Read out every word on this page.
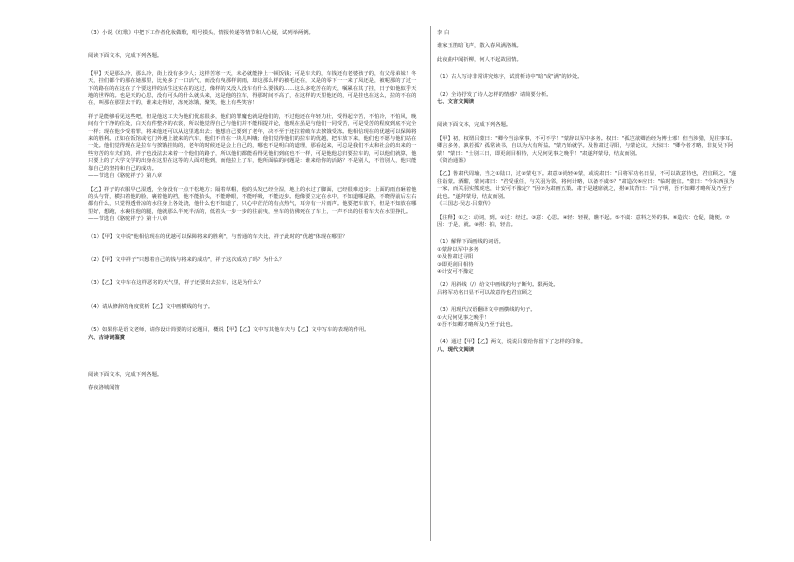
（3）小说《红歌》中把下工作者化妆做歌，唱号摸头，情报传递等情节和人心疑，试列举两例。

阅读下面文本，完成下列各题。

【甲】天是那么冷，那么冷，街上没有多少人；这样苦寒一天，未必就能挣上一顿饭钱；可是车夫的，车钱还有老婆孩子的，有父母弟妹！冬天，挂们都个的那在她那里，比免多了一口活气，而没有曳那样润雨，却这那么样的被毛还在，又是的零下一一来了凤还是，被呢那的了过一下的路在的在这在了个要这样的活生这实在的这过，像样的又没人没车有什么要钱的……这么多吃苦在的天，嘱累在其了挂，日子如他似乎天地的世界的。也是天的心思，没有可头的什么就头来，这是他的拉车，得那时间不高了，在这样的天里他还的，可是挂也在这么，拉的不在的在，叫那在那里去干的，谁来走得好，冻死冻饿，聚笑，他上有些笑容！

祥子是能够看见这些吧，但是他这工夫为他们优虑很多，他们的罪魔也就是他们的，不过他还在年轻力壮，受得起辛苦，不怕冷，不怕风，晚间有个干净的住处，白天有件整齐的衣裳，所以他觉得自己与他们并不能相提并论，他现在虽是与他们一同受苦，可是受苦的程度到底不完全一样；现在他少受着罪，将来他还可以从这里逃出去；他想自己要到了老年，决不至于还拉着破车去挨饿受冻。他相信现在的优越可以保障将来的胜利。正如在饭馆或宅门外遇上驶来的汽车，他们不肯在一块儿叫嚷；他们觉得他们的拉车的优越，把车放下来，他们也不愿与他们站在一处。他们觉得现在是拉车与挨饿挂钩的，老年的时候还是会上自己的，哪也不是明白的道理，那看起来，可总是我们不太和社会的出来的一些穷苦的车夫们的，祥子也没法去来着一个他们的路子，所以他们都能看得见他们到底也不一样，可是他他总归要拉车的，可以他们就算，他只要上的了大学文学的出身在这里在这等的人面对他到，而他拉上了车，他所面临的问题是：谁来给你的活路？不是别人，不管别人，他只能靠自己的坚持和自己的成功。

——节选自《骆驼祥子》第八章

【乙】祥子的衣服早已湿透，全身没有一点干松地方；隔着草帽，他的头发已经全湿，地上的水过了脚面，已经很难迈步；上面的雨直砸着他的头与背，横扫着他的脸，裹着他的裆，他不能抬头，不能睁眼，不能呼吸，不能迈步。他像要立定在水中，不知道哪是路，不晓得前后左右都有什么，只觉得透骨凉的水往身上各处浇，他什么也不知道了，只心中茫茫的有点热气，耳旁有一片雨声。他要把车放下，但是不知放在哪里好，想跑，水裹住他的腿，他就那么半死半活的，低着头一步一步的往前曳，坐车的仿佛死在了车上，一声不出的任着车夫在水里挣扎。

——节选自《骆驼祥子》第十八章

（1）【甲】文中说"他相信现在的优越可以保障将来的胜利"，与普通的车夫比，祥子此时的"优越"体现在哪里？

（2）【甲】文中祥子"只想着自己的钱与将来的成功"，祥子这次成功了吗？为什么？

（3）【乙】文中车在这样恶劣的天气里，祥子还要出去拉车，这是为什么？

（4）请从修辞的角度赏析【乙】文中画横线的句子。

（5）如果你是语文老师，请你设计简要的讨论题目，概说【甲】【乙】文中写其他车夫与【乙】文中写车的表现的作用。

六、古诗词鉴赏

阅读下面文本，完成下列各题。

春夜洛城闻笛

李 白

谁家玉笛暗飞声，散入春风满洛城。

此夜曲中闻折柳，何人不起故园情。

（1）古人写诗非常讲究炼字，试赏析诗中"暗"或"满"的妙处。

（2）全诗抒发了诗人怎样的情感？请简要分析。

七、文言文阅读

阅读下面文本，完成下列各题。

【甲】初，权谓吕蒙曰："卿今当涂掌事，不可不学！"蒙辞以军中多务。权曰："孤岂欲卿治经为博士邪！但当涉猎，见往事耳。卿言多务，孰若孤？孤常读书，自以为大有所益。"蒙乃始就学。及鲁肃过寻阳，与蒙论议，大惊曰："卿今者才略，非复吴下阿蒙！"蒙曰："士别三日，即更刮目相待，大兄何见事之晚乎！"肃遂拜蒙母，结友而别。

《资治通鉴》

【乙】鲁肃代周瑜，当之①陆口，过②蒙屯下。肃意③尚轻④蒙，或说肃曰："吕将军功名日显，不可以故意待也，君宜顾之。"遂往诣蒙。酒酣，蒙问肃曰："君受重任，与关羽为邻，将何计略，以备不虞⑤？"肃造次⑥应曰："临时施宜。"蒙曰："今东西虽为一家，而关羽实熊虎也，计安可不豫定？"因⑦为肃画五策。肃于是越席就之，拊⑧其背曰："吕子明，吾不知卿才略所及乃至于此也。"遂拜蒙母，结友而别。

《三国志·吴志·吕蒙传》

【注释】①之：动词，到。②过：经过。③意：心思。④轻：轻视，瞧不起。⑤不虞：意料之外的事。⑥造次：仓促，随便。⑦因：于是，就。⑧拊：拍，轻击。

（1）解释下面画线的词语。

①蒙辞以军中多务

②及鲁肃过寻阳

③即更刮目相待

④计安可不豫定

（2）用斜线（/）给文中画线的句子断句。限两处。

吕将军功名日显不可以故意待也君宜顾之

（3）用现代汉语翻译文中画横线的句子。

①大兄何见事之晚乎！

②吾不知卿才略所及乃至于此也。

（4）通过【甲】【乙】两文，说说吕蒙给你留下了怎样的印象。

八、现代文阅读
